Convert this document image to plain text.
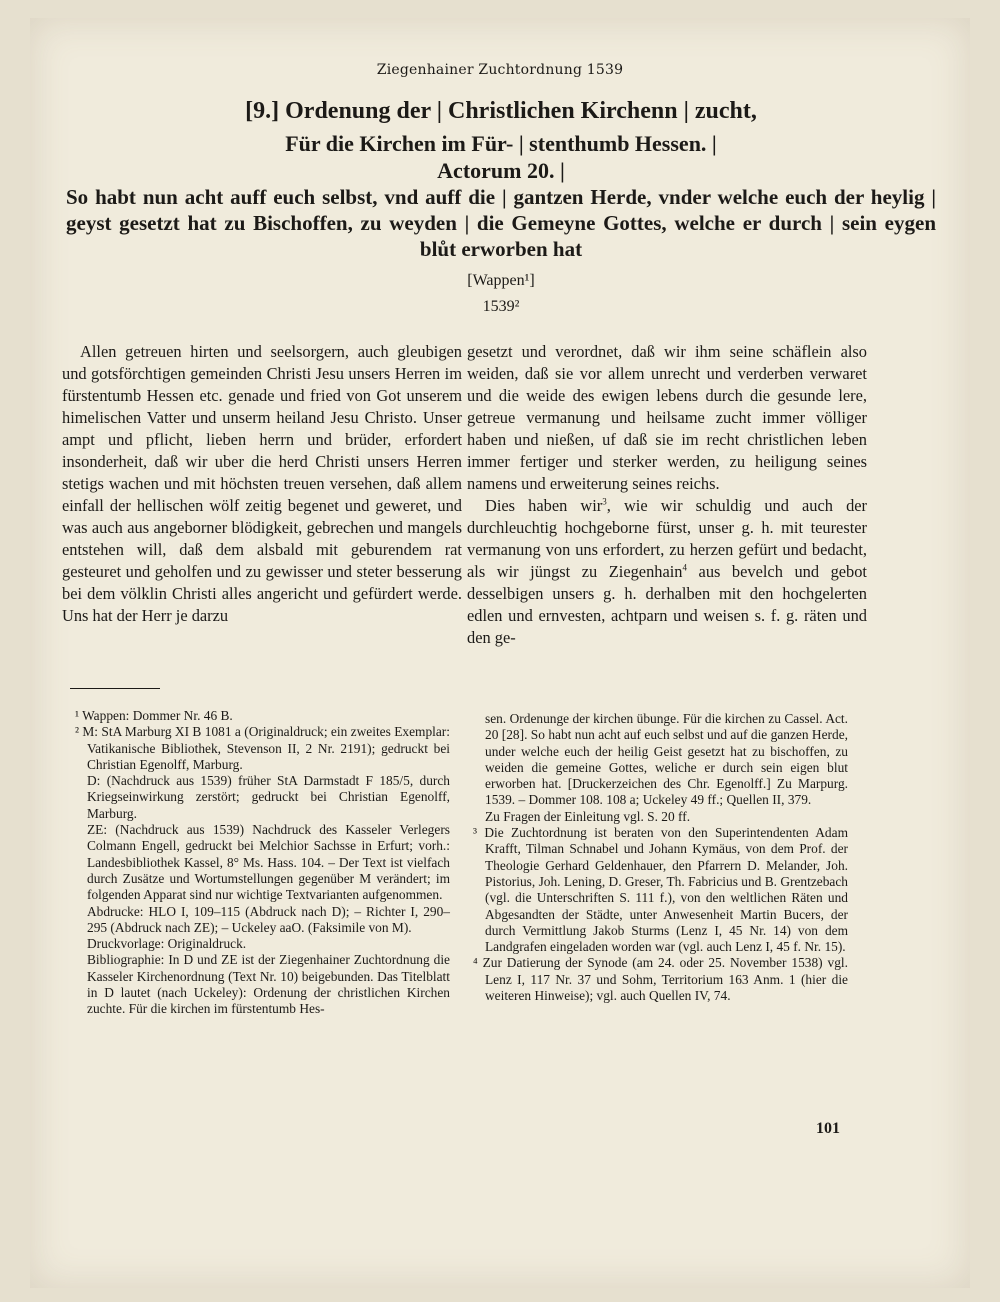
Ziegenhainer Zuchtordnung 1539

[9.] Ordenung der | Christlichen Kirchenn | zucht,

Für die Kirchen im Für- | stenthumb Hessen. |

Actorum 20. |

So habt nun acht auff euch selbst, vnd auff die | gantzen Herde, vnder welche euch der heylig | geyst gesetzt hat zu Bischoffen, zu weyden | die Gemeyne Gottes, welche er durch | sein eygen blůt erworben hat

[Wappen¹]

1539²

Allen getreuen hirten und seelsorgern, auch gleubigen und gotsförchtigen gemeinden Christi Jesu unsers Herren im fürstentumb Hessen etc. genade und fried von Got unserem himelischen Vatter und unserm heiland Jesu Christo. Unser ampt und pflicht, lieben herrn und brüder, erfordert insonderheit, daß wir uber die herd Christi unsers Herren stetigs wachen und mit höchsten treuen versehen, daß allem einfall der hellischen wölf zeitig begenet und geweret, und was auch aus angeborner blödigkeit, gebrechen und mangels entstehen will, daß dem alsbald mit geburendem rat gesteuret und geholfen und zu gewisser und steter besserung bei dem völklin Christi alles angericht und gefürdert werde. Uns hat der Herr je darzu

gesetzt und verordnet, daß wir ihm seine schäflein also weiden, daß sie vor allem unrecht und verderben verwaret und die weide des ewigen lebens durch die gesunde lere, getreue vermanung und heilsame zucht immer völliger haben und nießen, uf daß sie im recht christlichen leben immer fertiger und sterker werden, zu heiligung seines namens und erweiterung seines reichs.

Dies haben wir$^3$, wie wir schuldig und auch der durchleuchtig hochgeborne fürst, unser g. h. mit teurester vermanung von uns erfordert, zu herzen gefürt und bedacht, als wir jüngst zu Ziegenhain$^4$ aus bevelch und gebot desselbigen unsers g. h. derhalben mit den hochgelerten edlen und ernvesten, achtparn und weisen s. f. g. räten und den ge-

¹ Wappen: Dommer Nr. 46 B.

² M: StA Marburg XI B 1081 a (Originaldruck; ein zweites Exemplar: Vatikanische Bibliothek, Stevenson II, 2 Nr. 2191); gedruckt bei Christian Egenolff, Marburg.

D: (Nachdruck aus 1539) früher StA Darmstadt F 185/5, durch Kriegseinwirkung zerstört; gedruckt bei Christian Egenolff, Marburg.

ZE: (Nachdruck aus 1539) Nachdruck des Kasseler Verlegers Colmann Engell, gedruckt bei Melchior Sachsse in Erfurt; vorh.: Landesbibliothek Kassel, 8° Ms. Hass. 104. – Der Text ist vielfach durch Zusätze und Wortumstellungen gegenüber M verändert; im folgenden Apparat sind nur wichtige Textvarianten aufgenommen.

Abdrucke: HLO I, 109–115 (Abdruck nach D); – Richter I, 290–295 (Abdruck nach ZE); – Uckeley aaO. (Faksimile von M).

Druckvorlage: Originaldruck.

Bibliographie: In D und ZE ist der Ziegenhainer Zuchtordnung die Kasseler Kirchenordnung (Text Nr. 10) beigebunden. Das Titelblatt in D lautet (nach Uckeley): Ordenung der christlichen Kirchen zuchte. Für die kirchen im fürstentumb Hes-

sen. Ordenunge der kirchen übunge. Für die kirchen zu Cassel. Act. 20 [28]. So habt nun acht auf euch selbst und auf die ganzen Herde, under welche euch der heilig Geist gesetzt hat zu bischoffen, zu weiden die gemeine Gottes, weliche er durch sein eigen blut erworben hat. [Druckerzeichen des Chr. Egenolff.] Zu Marpurg. 1539. – Dommer 108. 108 a; Uckeley 49 ff.; Quellen II, 379.

Zu Fragen der Einleitung vgl. S. 20 ff.

³ Die Zuchtordnung ist beraten von den Superintendenten Adam Krafft, Tilman Schnabel und Johann Kymäus, von dem Prof. der Theologie Gerhard Geldenhauer, den Pfarrern D. Melander, Joh. Pistorius, Joh. Lening, D. Greser, Th. Fabricius und B. Grentzebach (vgl. die Unterschriften S. 111 f.), von den weltlichen Räten und Abgesandten der Städte, unter Anwesenheit Martin Bucers, der durch Vermittlung Jakob Sturms (Lenz I, 45 Nr. 14) von dem Landgrafen eingeladen worden war (vgl. auch Lenz I, 45 f. Nr. 15).

⁴ Zur Datierung der Synode (am 24. oder 25. November 1538) vgl. Lenz I, 117 Nr. 37 und Sohm, Territorium 163 Anm. 1 (hier die weiteren Hinweise); vgl. auch Quellen IV, 74.

101
